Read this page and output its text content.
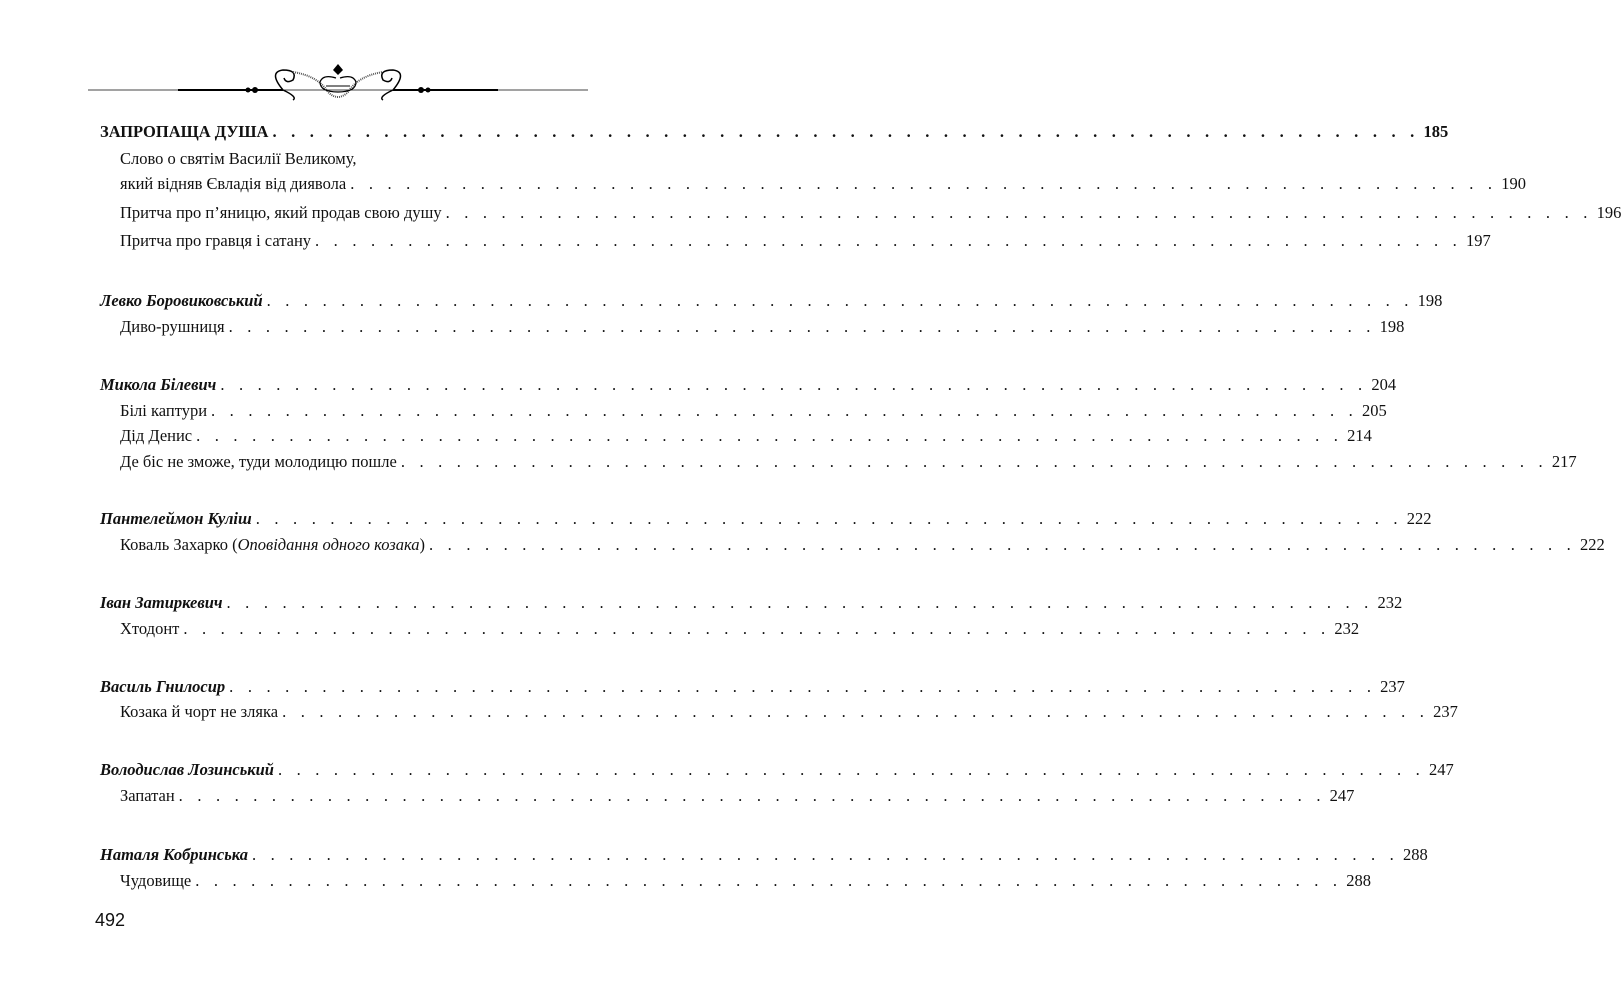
ЗАПРОПАЩА ДУША . . . . . . . . . . . . . . . . . . . . . . . . . . . . . . . . . . . . . . . . . . . . . . . . . . . . . . . . . . . . . . 185
Слово о святім Василії Великому,
який відняв Євладія від диявола . . . . . . . . . . . . . . . . . . . . . . . . . . . . . . . . . . . . . . . . . . . . . . . . . . . . . . . . . . . . . . 190
Притча про п’яницю, який продав свою душу . . . . . . . . . . . . . . . . . . . . . . . . . . . . . . . . . . . . . . . . . . . . . . . . . . . . . . . . . . . . . . 196
Притча про гравця і сатану . . . . . . . . . . . . . . . . . . . . . . . . . . . . . . . . . . . . . . . . . . . . . . . . . . . . . . . . . . . . . . 197
Левко Боровиковський . . . . . . . . . . . . . . . . . . . . . . . . . . . . . . . . . . . . . . . . . . . . . . . . . . . . . . . . . . . . . . 198
Диво-рушниця . . . . . . . . . . . . . . . . . . . . . . . . . . . . . . . . . . . . . . . . . . . . . . . . . . . . . . . . . . . . . . 198
Микола Білевич . . . . . . . . . . . . . . . . . . . . . . . . . . . . . . . . . . . . . . . . . . . . . . . . . . . . . . . . . . . . . . 204
Білі каптури . . . . . . . . . . . . . . . . . . . . . . . . . . . . . . . . . . . . . . . . . . . . . . . . . . . . . . . . . . . . . . 205
Дід Денис . . . . . . . . . . . . . . . . . . . . . . . . . . . . . . . . . . . . . . . . . . . . . . . . . . . . . . . . . . . . . . 214
Де біс не зможе, туди молодицю пошле . . . . . . . . . . . . . . . . . . . . . . . . . . . . . . . . . . . . . . . . . . . . . . . . . . . . . . . . . . . . . . 217
Пантелеймон Куліш . . . . . . . . . . . . . . . . . . . . . . . . . . . . . . . . . . . . . . . . . . . . . . . . . . . . . . . . . . . . . . 222
Коваль Захарко (Оповідання одного козака) . . . . . . . . . . . . . . . . . . . . . . . . . . . . . . . . . . . . . . . . . . . . . . . . . . . . . . . . . . . . . . 222
Іван Затиркевич . . . . . . . . . . . . . . . . . . . . . . . . . . . . . . . . . . . . . . . . . . . . . . . . . . . . . . . . . . . . . . 232
Хтодонт . . . . . . . . . . . . . . . . . . . . . . . . . . . . . . . . . . . . . . . . . . . . . . . . . . . . . . . . . . . . . . 232
Василь Гнилосир . . . . . . . . . . . . . . . . . . . . . . . . . . . . . . . . . . . . . . . . . . . . . . . . . . . . . . . . . . . . . . 237
Козака й чорт не зляка . . . . . . . . . . . . . . . . . . . . . . . . . . . . . . . . . . . . . . . . . . . . . . . . . . . . . . . . . . . . . . 237
Володислав Лозинський . . . . . . . . . . . . . . . . . . . . . . . . . . . . . . . . . . . . . . . . . . . . . . . . . . . . . . . . . . . . . . 247
Запатан . . . . . . . . . . . . . . . . . . . . . . . . . . . . . . . . . . . . . . . . . . . . . . . . . . . . . . . . . . . . . . 247
Наталя Кобринська . . . . . . . . . . . . . . . . . . . . . . . . . . . . . . . . . . . . . . . . . . . . . . . . . . . . . . . . . . . . . . 288
Чудовище . . . . . . . . . . . . . . . . . . . . . . . . . . . . . . . . . . . . . . . . . . . . . . . . . . . . . . . . . . . . . . 288
492
